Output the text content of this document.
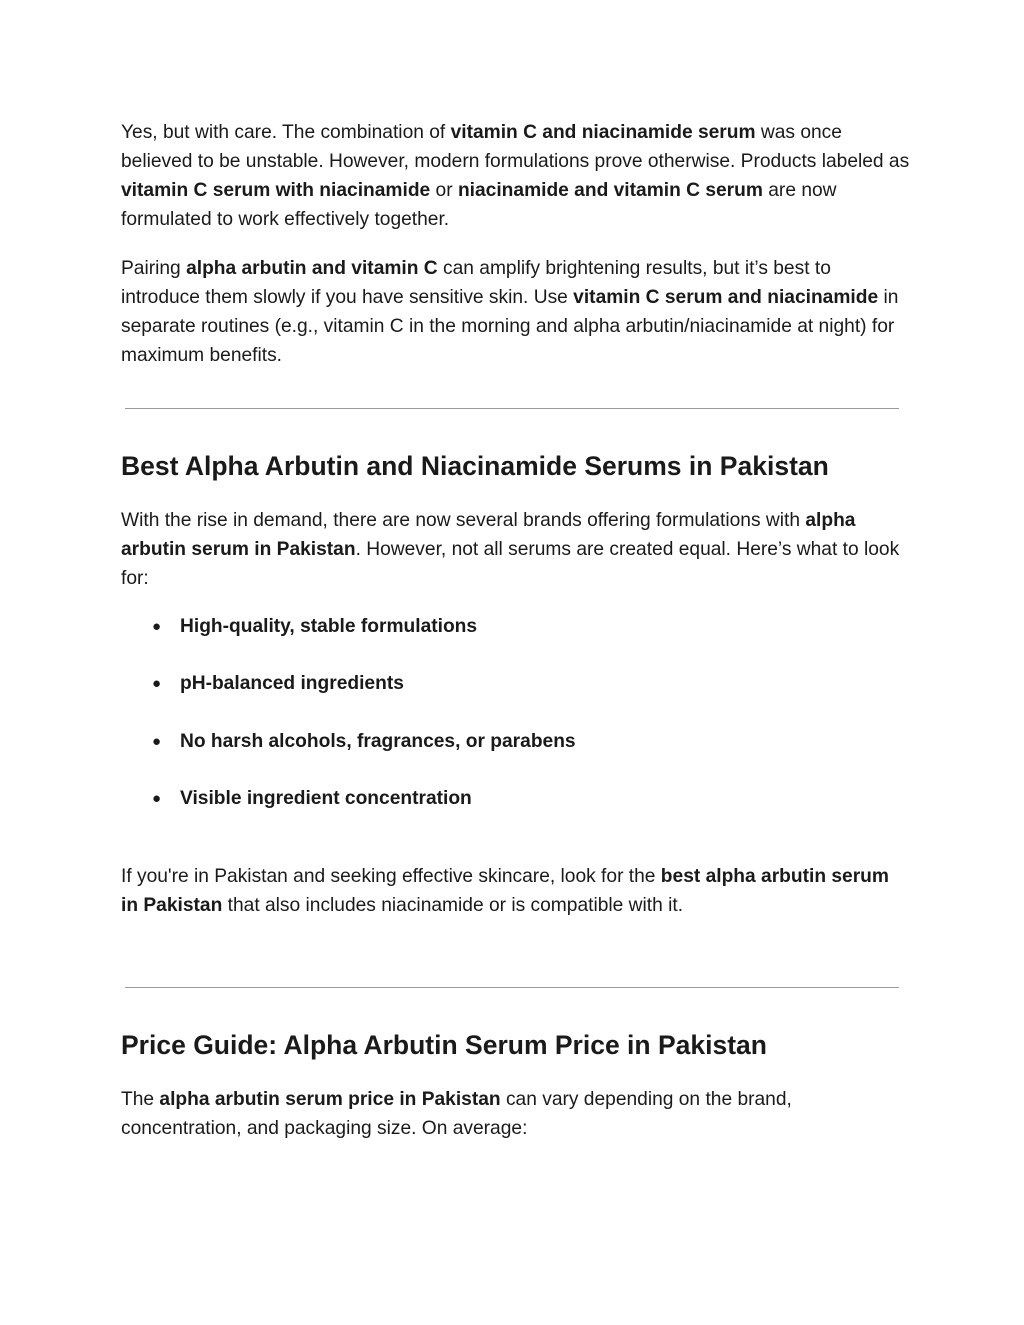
Yes, but with care. The combination of vitamin C and niacinamide serum was once believed to be unstable. However, modern formulations prove otherwise. Products labeled as vitamin C serum with niacinamide or niacinamide and vitamin C serum are now formulated to work effectively together.

Pairing alpha arbutin and vitamin C can amplify brightening results, but it’s best to introduce them slowly if you have sensitive skin. Use vitamin C serum and niacinamide in separate routines (e.g., vitamin C in the morning and alpha arbutin/niacinamide at night) for maximum benefits.

Best Alpha Arbutin and Niacinamide Serums in Pakistan

With the rise in demand, there are now several brands offering formulations with alpha arbutin serum in Pakistan. However, not all serums are created equal. Here’s what to look for:

● High-quality, stable formulations

● pH-balanced ingredients

● No harsh alcohols, fragrances, or parabens

● Visible ingredient concentration

If you're in Pakistan and seeking effective skincare, look for the best alpha arbutin serum in Pakistan that also includes niacinamide or is compatible with it.

Price Guide: Alpha Arbutin Serum Price in Pakistan

The alpha arbutin serum price in Pakistan can vary depending on the brand, concentration, and packaging size. On average:
